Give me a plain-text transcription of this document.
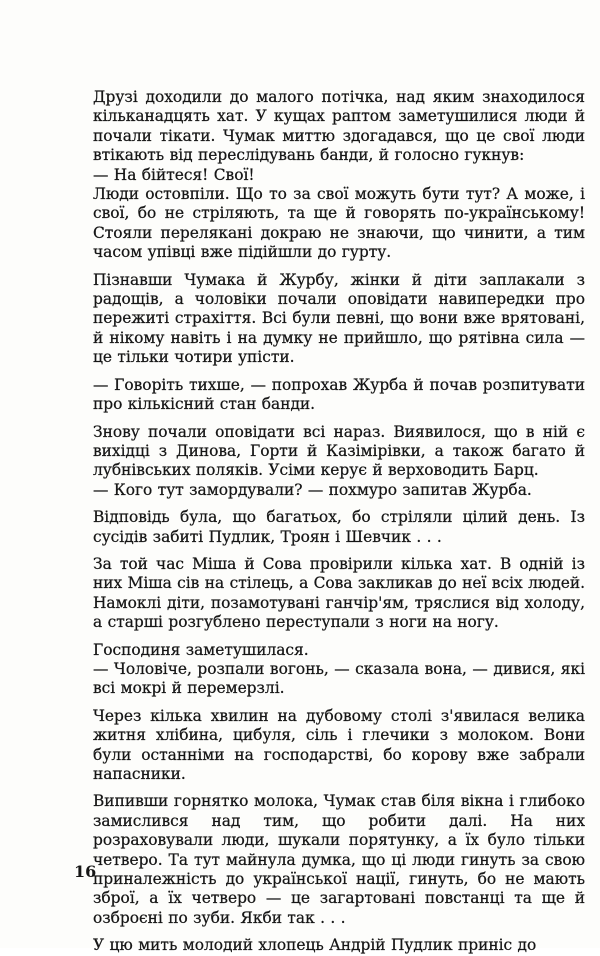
Друзі доходили до малого потічка, над яким знаходилося кільканадцять хат. У кущах раптом заметушилися люди й почали тікати. Чумак миттю здогадався, що це свої люди втікають від переслідувань банди, й голосно гукнув:

— На бійтеся! Свої!

Люди остовпіли. Що то за свої можуть бути тут? А може, і свої, бо не стріляють, та ще й говорять по-українському! Стояли перелякані докраю не знаючи, що чинити, а тим часом упівці вже підійшли до гурту.

Пізнавши Чумака й Журбу, жінки й діти заплакали з радощів, а чоловіки почали оповідати навипередки про пережиті страхіття. Всі були певні, що вони вже врятовані, й нікому навіть і на думку не прийшло, що рятівна сила — це тільки чотири упісти.

— Говоріть тихше, — попрохав Журба й почав розпитувати про кількісний стан банди.

Знову почали оповідати всі нараз. Виявилося, що в ній є вихідці з Динова, Горти й Казімірівки, а також багато й лубнівських поляків. Усіми керує й верховодить Барц.

— Кого тут замордували? — похмуро запитав Журба.

Відповідь була, що багатьох, бо стріляли цілий день. Із сусідів забиті Пудлик, Троян і Шевчик . . .

За той час Міша й Сова провірили кілька хат. В одній із них Міша сів на стілець, а Сова закликав до неї всіх людей. Намоклі діти, позамотувані ганчір'ям, тряслися від холоду, а старші розгублено переступали з ноги на ногу.

Господиня заметушилася.

— Чоловіче, розпали вогонь, — сказала вона, — дивися, які всі мокрі й перемерзлі.

Через кілька хвилин на дубовому столі з'явилася велика житня хлібина, цибуля, сіль і глечики з молоком. Вони були останніми на господарстві, бо корову вже забрали напасники.

Випивши горнятко молока, Чумак став біля вікна і глибоко замислився над тим, що робити далі. На них розраховували люди, шукали порятунку, а їх було тільки четверо. Та тут майнула думка, що ці люди гинуть за свою приналежність до української нації, гинуть, бо не мають зброї, а їх четверо — це загартовані повстанці та ще й озброєні по зуби. Якби так . . .

У цю мить молодий хлопець Андрій Пудлик приніс до

16
